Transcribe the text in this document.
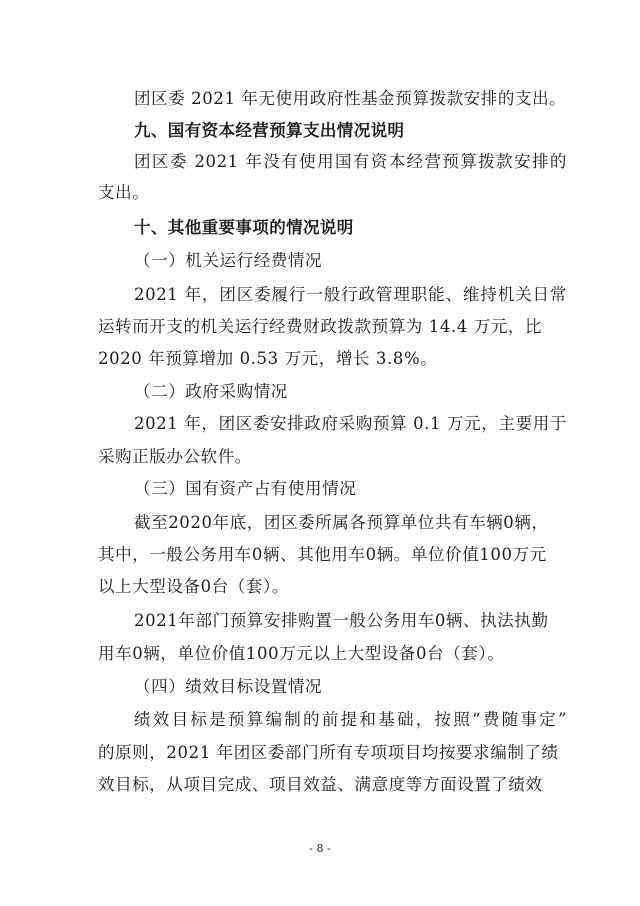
团区委 2021 年无使用政府性基金预算拨款安排的支出。
九、国有资本经营预算支出情况说明
团区委 2021 年没有使用国有资本经营预算拨款安排的
支出。
十、其他重要事项的情况说明
（一）机关运行经费情况
2021 年，团区委履行一般行政管理职能、维持机关日常
运转而开支的机关运行经费财政拨款预算为 14.4 万元，比
2020 年预算增加 0.53 万元，增长 3.8%。
（二）政府采购情况
2021 年，团区委安排政府采购预算 0.1 万元，主要用于
采购正版办公软件。
（三）国有资产占有使用情况
截至2020年底，团区委所属各预算单位共有车辆0辆，
其中，一般公务用车0辆、其他用车0辆。单位价值100万元
以上大型设备0台（套）。
2021年部门预算安排购置一般公务用车0辆、执法执勤
用车0辆，单位价值100万元以上大型设备0台（套）。
（四）绩效目标设置情况
绩效目标是预算编制的前提和基础，按照“费随事定”
的原则，2021 年团区委部门所有专项项目均按要求编制了绩
效目标，从项目完成、项目效益、满意度等方面设置了绩效
- 8 -
